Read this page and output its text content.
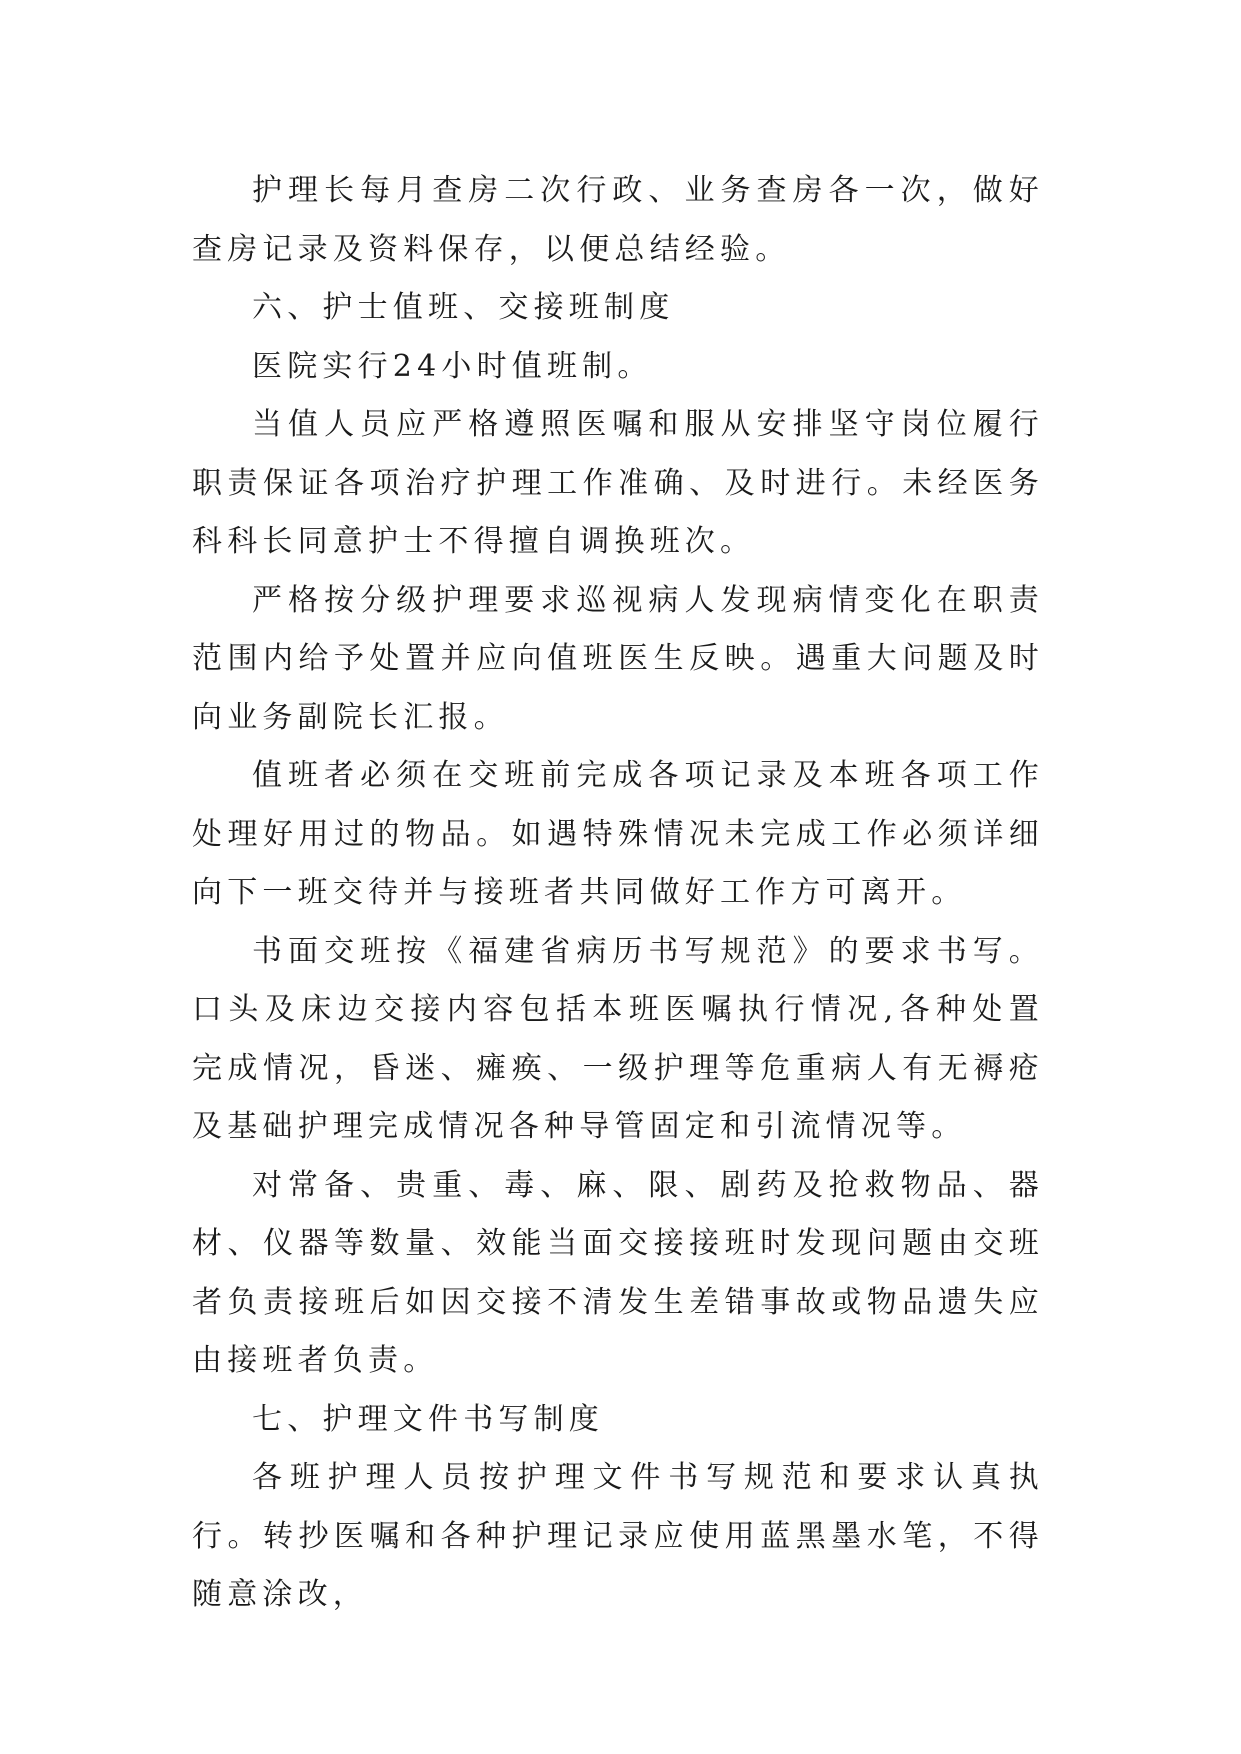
护理长每月查房二次行政、业务查房各一次，做好查房记录及资料保存，以便总结经验。

六、护士值班、交接班制度

医院实行24小时值班制。

当值人员应严格遵照医嘱和服从安排坚守岗位履行职责保证各项治疗护理工作准确、及时进行。未经医务科科长同意护士不得擅自调换班次。

严格按分级护理要求巡视病人发现病情变化在职责范围内给予处置并应向值班医生反映。遇重大问题及时向业务副院长汇报。

值班者必须在交班前完成各项记录及本班各项工作处理好用过的物品。如遇特殊情况未完成工作必须详细向下一班交待并与接班者共同做好工作方可离开。

书面交班按《福建省病历书写规范》的要求书写。口头及床边交接内容包括本班医嘱执行情况,各种处置完成情况，昏迷、瘫痪、一级护理等危重病人有无褥疮及基础护理完成情况各种导管固定和引流情况等。

对常备、贵重、毒、麻、限、剧药及抢救物品、器材、仪器等数量、效能当面交接接班时发现问题由交班者负责接班后如因交接不清发生差错事故或物品遗失应由接班者负责。

七、护理文件书写制度

各班护理人员按护理文件书写规范和要求认真执行。转抄医嘱和各种护理记录应使用蓝黑墨水笔，不得随意涂改，
